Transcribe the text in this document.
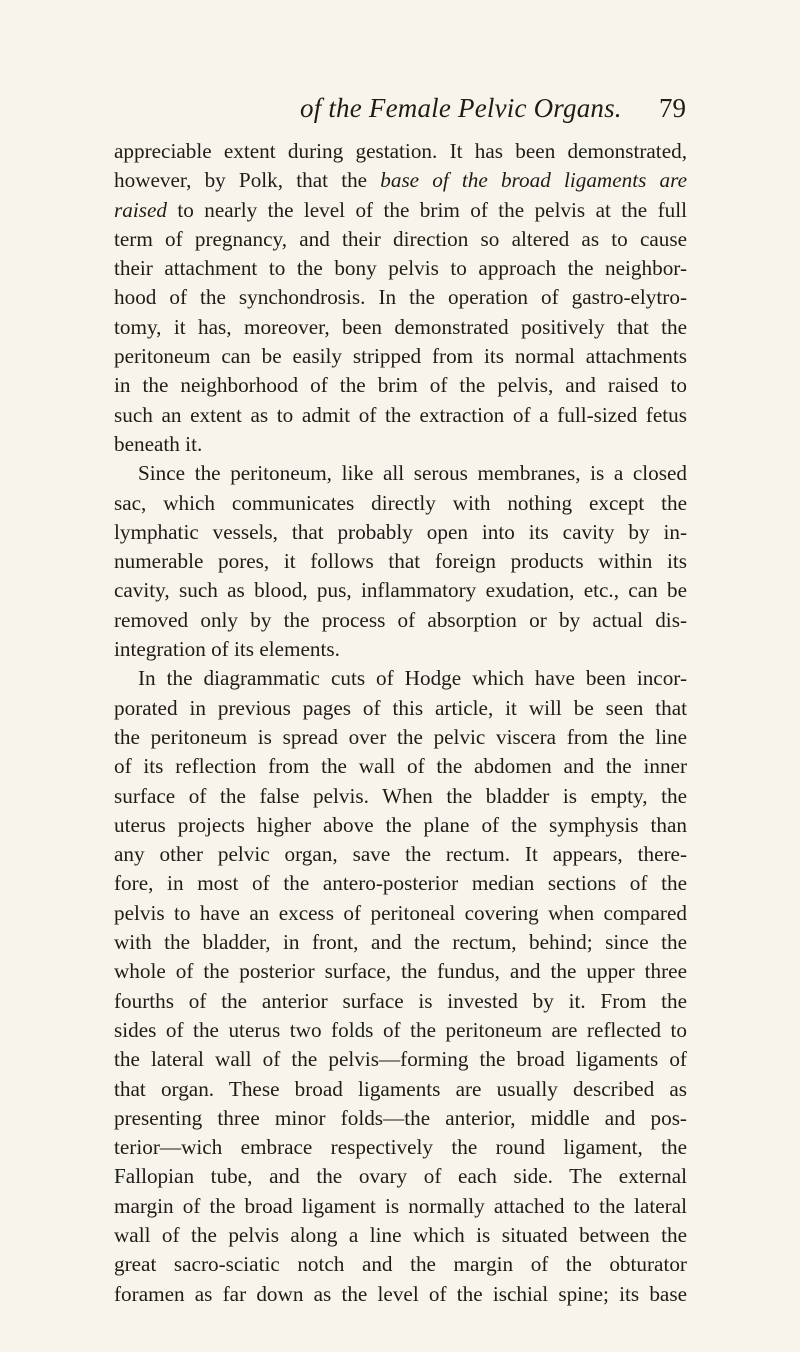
of the Female Pelvic Organs. 79
appreciable extent during gestation. It has been demonstrated,
however, by Polk, that the base of the broad ligaments are
raised to nearly the level of the brim of the pelvis at the full
term of pregnancy, and their direction so altered as to cause
their attachment to the bony pelvis to approach the neighbor-
hood of the synchondrosis. In the operation of gastro-elytro-
tomy, it has, moreover, been demonstrated positively that the
peritoneum can be easily stripped from its normal attachments
in the neighborhood of the brim of the pelvis, and raised to
such an extent as to admit of the extraction of a full-sized fetus
beneath it.
Since the peritoneum, like all serous membranes, is a closed
sac, which communicates directly with nothing except the
lymphatic vessels, that probably open into its cavity by in-
numerable pores, it follows that foreign products within its
cavity, such as blood, pus, inflammatory exudation, etc., can be
removed only by the process of absorption or by actual dis-
integration of its elements.
In the diagrammatic cuts of Hodge which have been incor-
porated in previous pages of this article, it will be seen that
the peritoneum is spread over the pelvic viscera from the line
of its reflection from the wall of the abdomen and the inner
surface of the false pelvis. When the bladder is empty, the
uterus projects higher above the plane of the symphysis than
any other pelvic organ, save the rectum. It appears, there-
fore, in most of the antero-posterior median sections of the
pelvis to have an excess of peritoneal covering when compared
with the bladder, in front, and the rectum, behind; since the
whole of the posterior surface, the fundus, and the upper three
fourths of the anterior surface is invested by it. From the
sides of the uterus two folds of the peritoneum are reflected to
the lateral wall of the pelvis—forming the broad ligaments of
that organ. These broad ligaments are usually described as
presenting three minor folds—the anterior, middle and pos-
terior—wich embrace respectively the round ligament, the
Fallopian tube, and the ovary of each side. The external
margin of the broad ligament is normally attached to the lateral
wall of the pelvis along a line which is situated between the
great sacro-sciatic notch and the margin of the obturator
foramen as far down as the level of the ischial spine; its base
